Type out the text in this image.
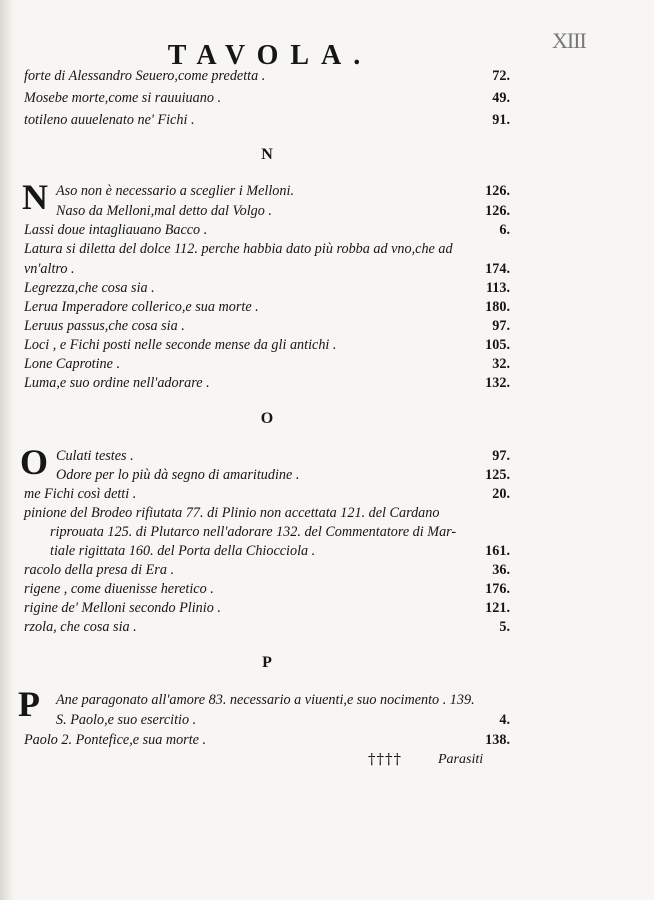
XIII
TAVOLA.
forte di Alessandro Seuero,come predetta .	72.
Mosebe morte,come si rauuiuano .	49.
totileno auuelenato ne' Fichi .	91.
N
N Aso non è necessario a sceglier i Melloni.	126.
Naso da Melloni,mal detto dal Volgo .	126.
Lassi doue intagliauano Bacco .	6.
Latura si diletta del dolce 112. perche habbia dato più robba ad vno,che ad
vn'altro .	174.
Legrezza,che cosa sia .	113.
Lerua Imperadore collerico,e sua morte .	180.
Leruus passus,che cosa sia .	97.
Loci , e Fichi posti nelle seconde mense da gli antichi .	105.
Lone Caprotine .	32.
Luma,e suo ordine nell'adorare .	132.
O
O Culati testes .	97.
Odore per lo più dà segno di amaritudine .	125.
me Fichi così detti .	20.
pinione del Brodeo rifiutata 77. di Plinio non accettata 121. del Cardano
riprouata 125. di Plutarco nell'adorare 132. del Commentatore di Mar-
tiale rigittata 160. del Porta della Chiocciola .	161.
racolo della presa di Era .	36.
rigene , come diuenisse heretico .	176.
rigine de' Melloni secondo Plinio .	121.
rzola, che cosa sia .	5.
P
P Ane paragonato all'amore 83. necessario a viuenti,e suo nocimento . 139.
S. Paolo,e suo esercitio .	4.
Paolo 2. Pontefice,e sua morte .	138.
††††	Parasiti
